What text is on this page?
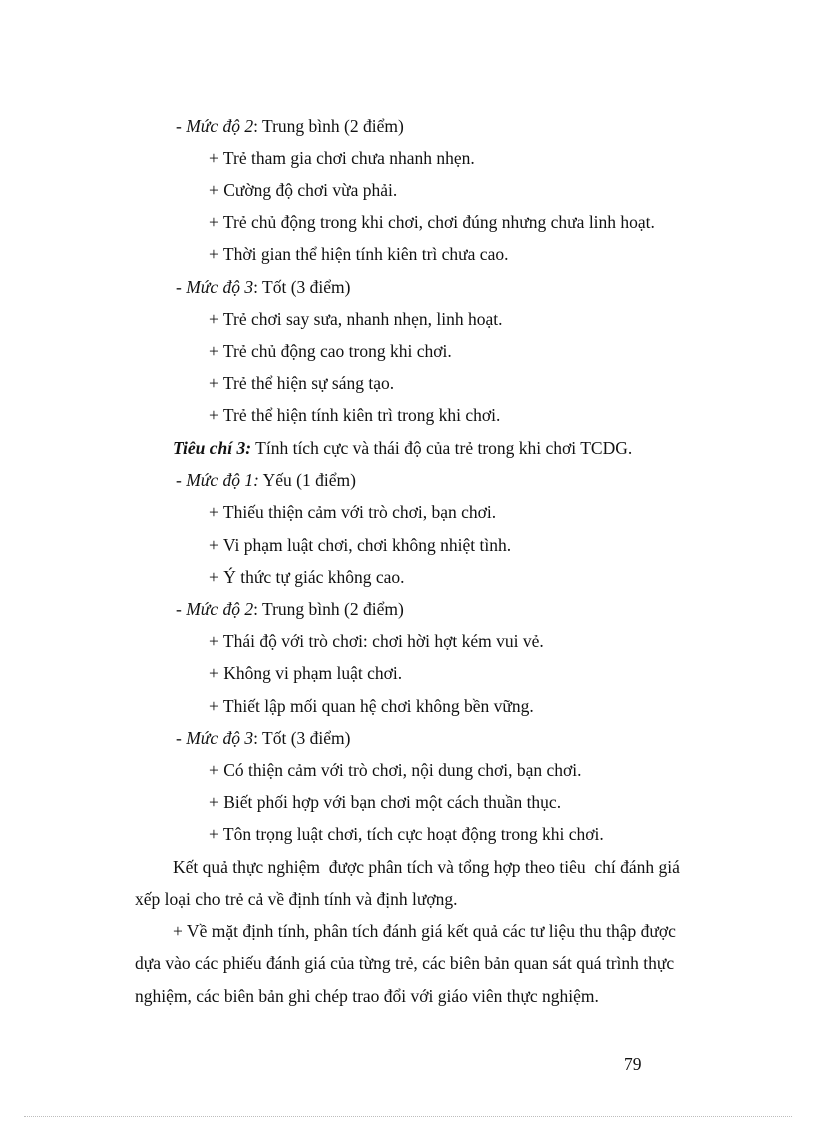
- Mức độ 2: Trung bình (2 điểm)
+ Trẻ tham gia chơi chưa nhanh nhẹn.
+ Cường độ chơi vừa phải.
+ Trẻ chủ động trong khi chơi, chơi đúng nhưng chưa linh hoạt.
+ Thời gian thể hiện tính kiên trì chưa cao.
- Mức độ 3: Tốt (3 điểm)
+ Trẻ chơi say sưa, nhanh nhẹn, linh hoạt.
+ Trẻ chủ động cao trong khi chơi.
+ Trẻ thể hiện sự sáng tạo.
+ Trẻ thể hiện tính kiên trì trong khi chơi.
Tiêu chí 3: Tính tích cực và thái độ của trẻ trong khi chơi TCDG.
- Mức độ 1: Yếu (1 điểm)
+ Thiếu thiện cảm với trò chơi, bạn chơi.
+ Vi phạm luật chơi, chơi không nhiệt tình.
+ Ý thức tự giác không cao.
- Mức độ 2: Trung bình (2 điểm)
+ Thái độ với trò chơi: chơi hời hợt kém vui vẻ.
+ Không vi phạm luật chơi.
+ Thiết lập mối quan hệ chơi không bền vững.
- Mức độ 3: Tốt (3 điểm)
+ Có thiện cảm với trò chơi, nội dung chơi, bạn chơi.
+ Biết phối hợp với bạn chơi một cách thuần thục.
+ Tôn trọng luật chơi, tích cực hoạt động trong khi chơi.
Kết quả thực nghiệm  được phân tích và tổng hợp theo tiêu  chí đánh giá
xếp loại cho trẻ cả về định tính và định lượng.
+ Về mặt định tính, phân tích đánh giá kết quả các tư liệu thu thập được
dựa vào các phiếu đánh giá của từng trẻ, các biên bản quan sát quá trình thực
nghiệm, các biên bản ghi chép trao đổi với giáo viên thực nghiệm.
79
